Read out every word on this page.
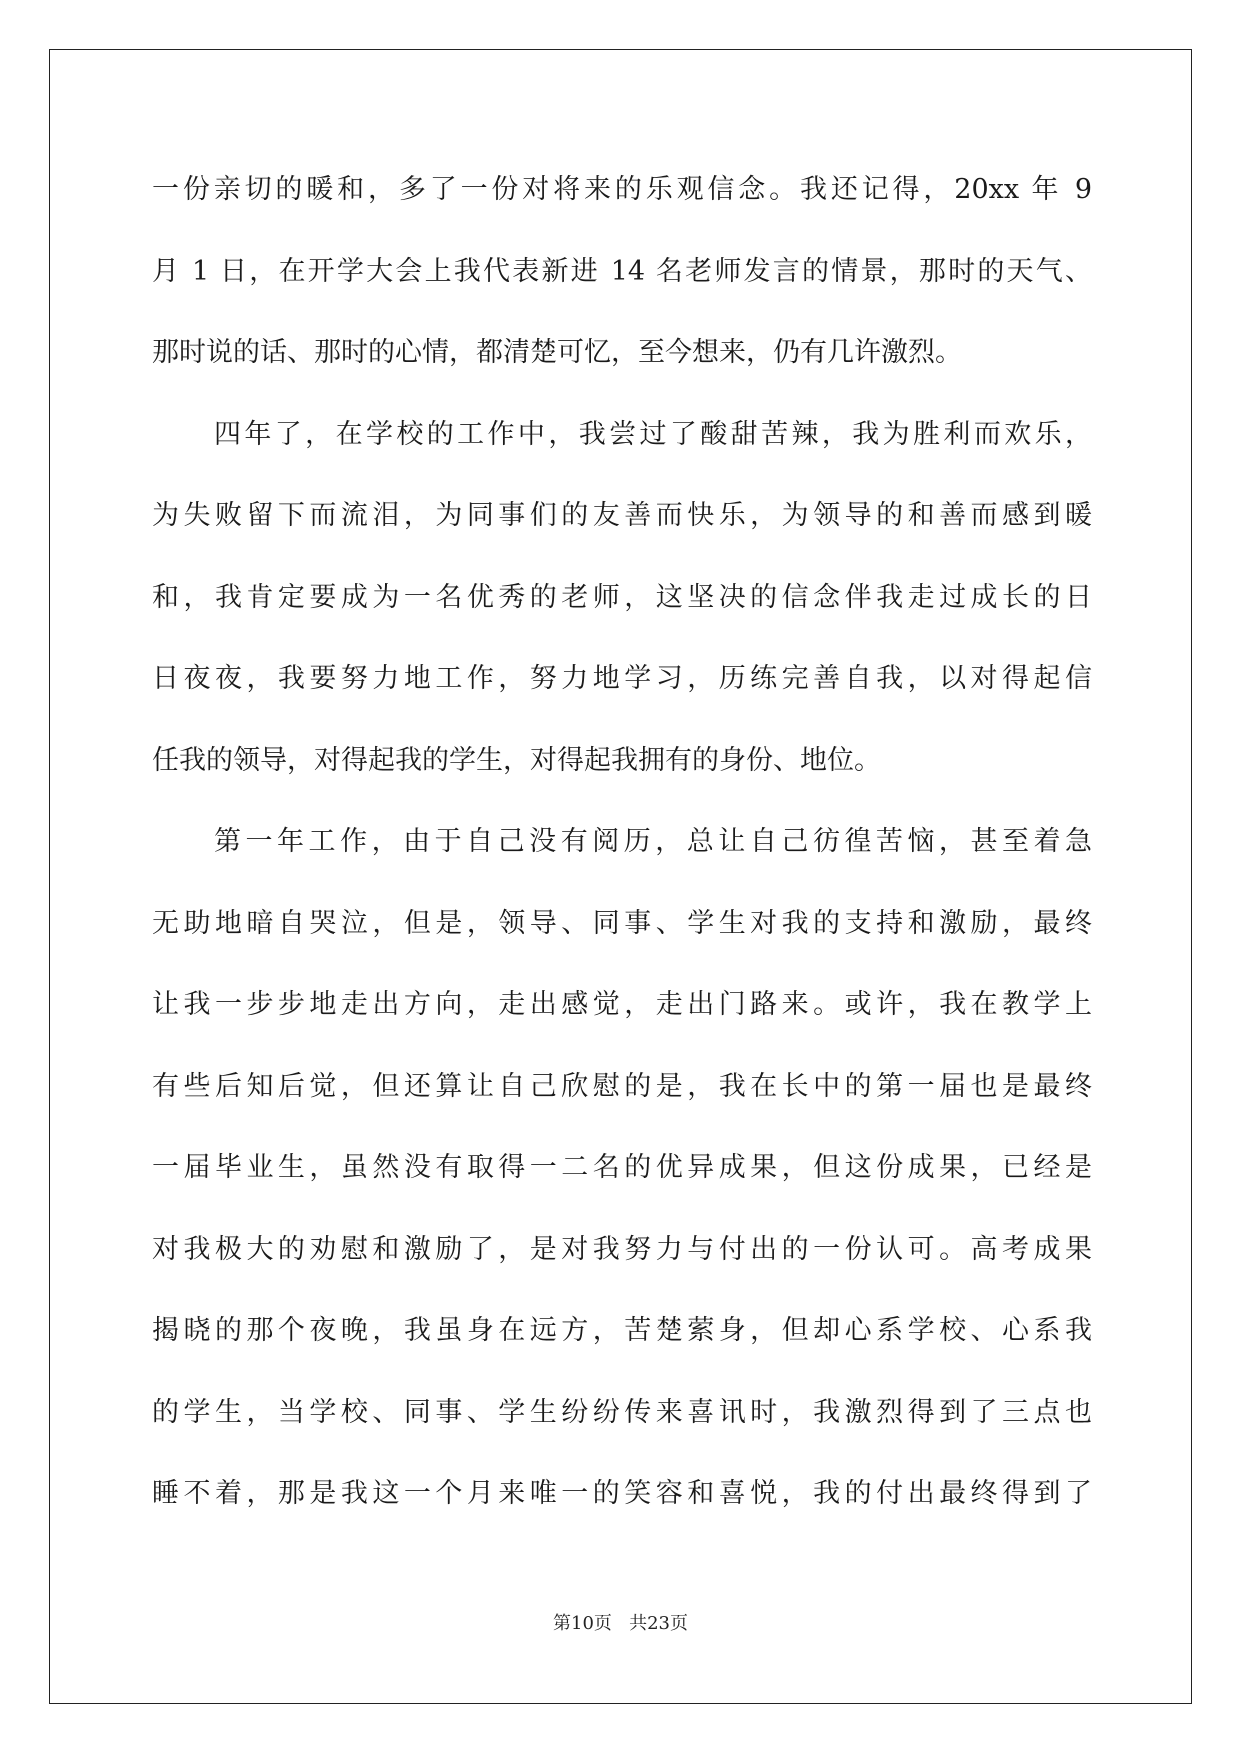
一份亲切的暖和，多了一份对将来的乐观信念。我还记得，20xx 年 9
月 1 日，在开学大会上我代表新进 14 名老师发言的情景，那时的天气、
那时说的话、那时的心情，都清楚可忆，至今想来，仍有几许激烈。
四年了，在学校的工作中，我尝过了酸甜苦辣，我为胜利而欢乐，
为失败留下而流泪，为同事们的友善而快乐，为领导的和善而感到暖
和，我肯定要成为一名优秀的老师，这坚决的信念伴我走过成长的日
日夜夜，我要努力地工作，努力地学习，历练完善自我，以对得起信
任我的领导，对得起我的学生，对得起我拥有的身份、地位。
第一年工作，由于自己没有阅历，总让自己彷徨苦恼，甚至着急
无助地暗自哭泣，但是，领导、同事、学生对我的支持和激励，最终
让我一步步地走出方向，走出感觉，走出门路来。或许，我在教学上
有些后知后觉，但还算让自己欣慰的是，我在长中的第一届也是最终
一届毕业生，虽然没有取得一二名的优异成果，但这份成果，已经是
对我极大的劝慰和激励了，是对我努力与付出的一份认可。高考成果
揭晓的那个夜晚，我虽身在远方，苦楚萦身，但却心系学校、心系我
的学生，当学校、同事、学生纷纷传来喜讯时，我激烈得到了三点也
睡不着，那是我这一个月来唯一的笑容和喜悦，我的付出最终得到了
第10页 共23页
